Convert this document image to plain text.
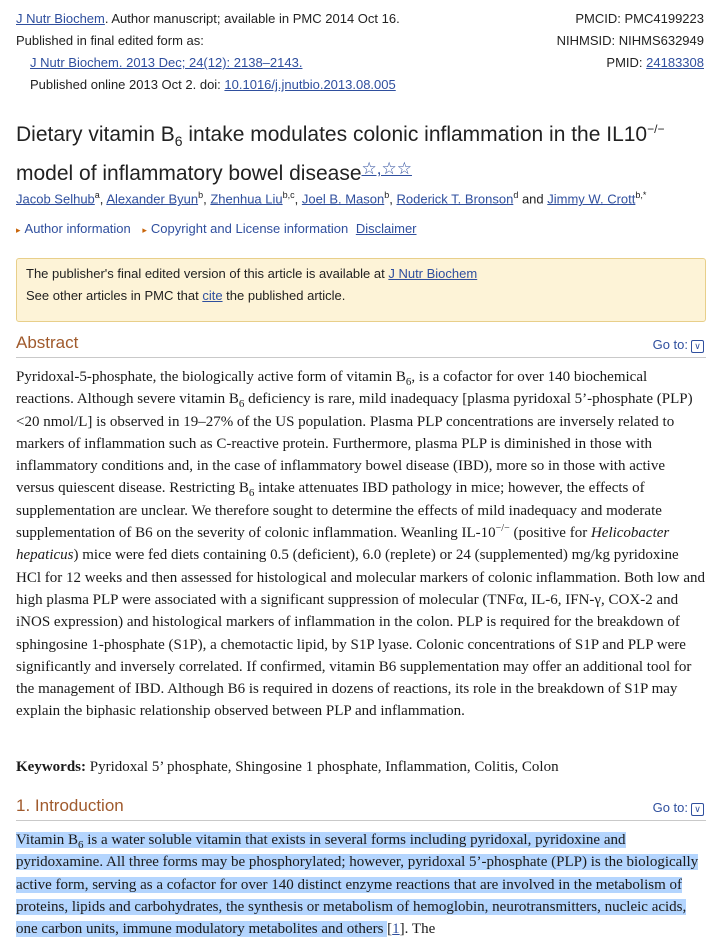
J Nutr Biochem. Author manuscript; available in PMC 2014 Oct 16.
Published in final edited form as:
J Nutr Biochem. 2013 Dec; 24(12): 2138–2143.
Published online 2013 Oct 2. doi: 10.1016/j.jnutbio.2013.08.005
PMCID: PMC4199223
NIHMSID: NIHMS632949
PMID: 24183308
Dietary vitamin $B_6$ intake modulates colonic inflammation in the IL10−/−
model of inflammatory bowel disease☆,☆☆
Jacob Selhub$^a$, Alexander Byun$^b$, Zhenhua Liu$^{b,c}$, Joel B. Mason$^b$, Roderick T. Bronson$^d$ and Jimmy W. Crott$^{b,*}$
▸ Author information ▸ Copyright and License information Disclaimer
The publisher's final edited version of this article is available at J Nutr Biochem
See other articles in PMC that cite the published article.
Abstract	Go to: ∨
Pyridoxal-5-phosphate, the biologically active form of vitamin $B_6$, is a cofactor for over 140 biochemical reactions. Although severe vitamin $B_6$ deficiency is rare, mild inadequacy [plasma pyridoxal 5’-phosphate (PLP) <20 nmol/L] is observed in 19–27% of the US population. Plasma PLP concentrations are inversely related to markers of inflammation such as C-reactive protein. Furthermore, plasma PLP is diminished in those with inflammatory conditions and, in the case of inflammatory bowel disease (IBD), more so in those with active versus quiescent disease. Restricting $B_6$ intake attenuates IBD pathology in mice; however, the effects of supplementation are unclear. We therefore sought to determine the effects of mild inadequacy and moderate supplementation of B6 on the severity of colonic inflammation. Weanling IL-10−/− (positive for Helicobacter hepaticus) mice were fed diets containing 0.5 (deficient), 6.0 (replete) or 24 (supplemented) mg/kg pyridoxine HCl for 12 weeks and then assessed for histological and molecular markers of colonic inflammation. Both low and high plasma PLP were associated with a significant suppression of molecular (TNFα, IL-6, IFN-γ, COX-2 and iNOS expression) and histological markers of inflammation in the colon. PLP is required for the breakdown of sphingosine 1-phosphate (S1P), a chemotactic lipid, by S1P lyase. Colonic concentrations of S1P and PLP were significantly and inversely correlated. If confirmed, vitamin B6 supplementation may offer an additional tool for the management of IBD. Although B6 is required in dozens of reactions, its role in the breakdown of S1P may explain the biphasic relationship observed between PLP and inflammation.
Keywords: Pyridoxal 5’ phosphate, Shingosine 1 phosphate, Inflammation, Colitis, Colon
1. Introduction	Go to: ∨
Vitamin $B_6$ is a water soluble vitamin that exists in several forms including pyridoxal, pyridoxine and pyridoxamine. All three forms may be phosphorylated; however, pyridoxal 5’-phosphate (PLP) is the biologically active form, serving as a cofactor for over 140 distinct enzyme reactions that are involved in the metabolism of proteins, lipids and carbohydrates, the synthesis or metabolism of hemoglobin, neurotransmitters, nucleic acids, one carbon units, immune modulatory metabolites and others [1]. The
